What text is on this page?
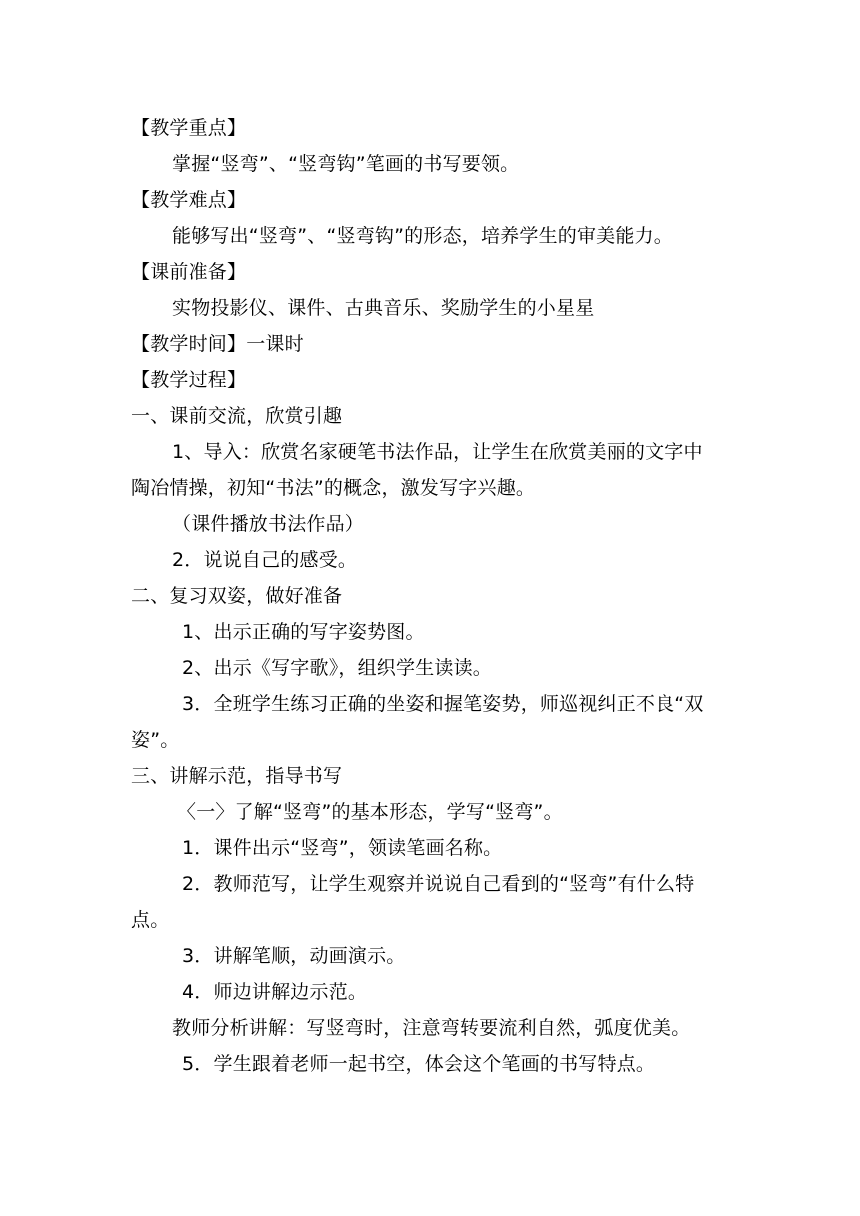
【教学重点】
掌握“竖弯”、“竖弯钩”笔画的书写要领。
【教学难点】
能够写出“竖弯”、“竖弯钩”的形态，培养学生的审美能力。
【课前准备】
实物投影仪、课件、古典音乐、奖励学生的小星星
【教学时间】一课时
【教学过程】
一、课前交流，欣赏引趣
1、导入：欣赏名家硬笔书法作品，让学生在欣赏美丽的文字中
陶冶情操，初知“书法”的概念，激发写字兴趣。
（课件播放书法作品）
2．说说自己的感受。
二、复习双姿，做好准备
1、出示正确的写字姿势图。
2、出示《写字歌》，组织学生读读。
3．全班学生练习正确的坐姿和握笔姿势，师巡视纠正不良“双
姿”。
三、讲解示范，指导书写
〈一〉了解“竖弯”的基本形态，学写“竖弯”。
1．课件出示“竖弯”，领读笔画名称。
2．教师范写，让学生观察并说说自己看到的“竖弯”有什么特
点。
3．讲解笔顺，动画演示。
4．师边讲解边示范。
教师分析讲解：写竖弯时，注意弯转要流利自然，弧度优美。
5．学生跟着老师一起书空，体会这个笔画的书写特点。
